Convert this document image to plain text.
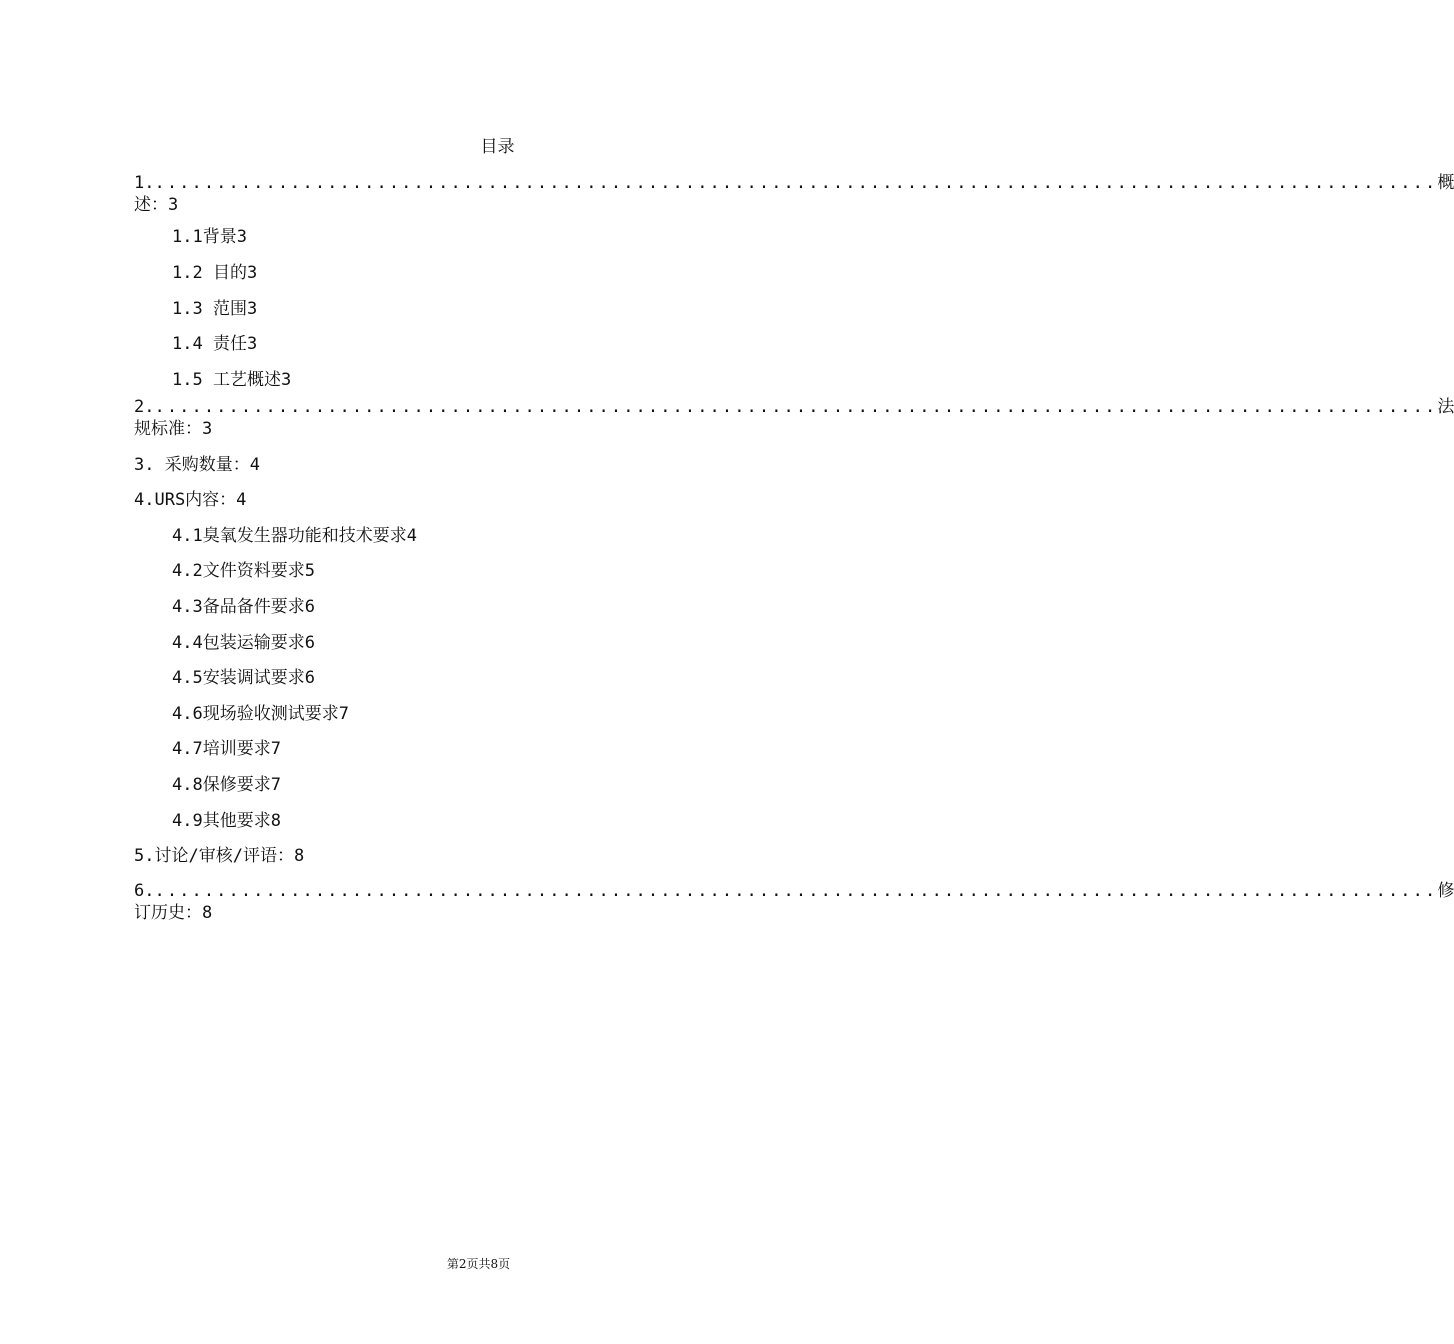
目录
1. ........................................................................................................ 概
述：3
1.1背景3
1.2 目的3
1.3 范围3
1.4 责任3
1.5 工艺概述3
2. ........................................................................................................ 法
规标准：3
3. 采购数量：4
4.URS内容：4
4.1臭氧发生器功能和技术要求4
4.2文件资料要求5
4.3备品备件要求6
4.4包装运输要求6
4.5安装调试要求6
4.6现场验收测试要求7
4.7培训要求7
4.8保修要求7
4.9其他要求8
5.讨论/审核/评语：8
6. ........................................................................................................ 修
订历史：8
第2页共8页
